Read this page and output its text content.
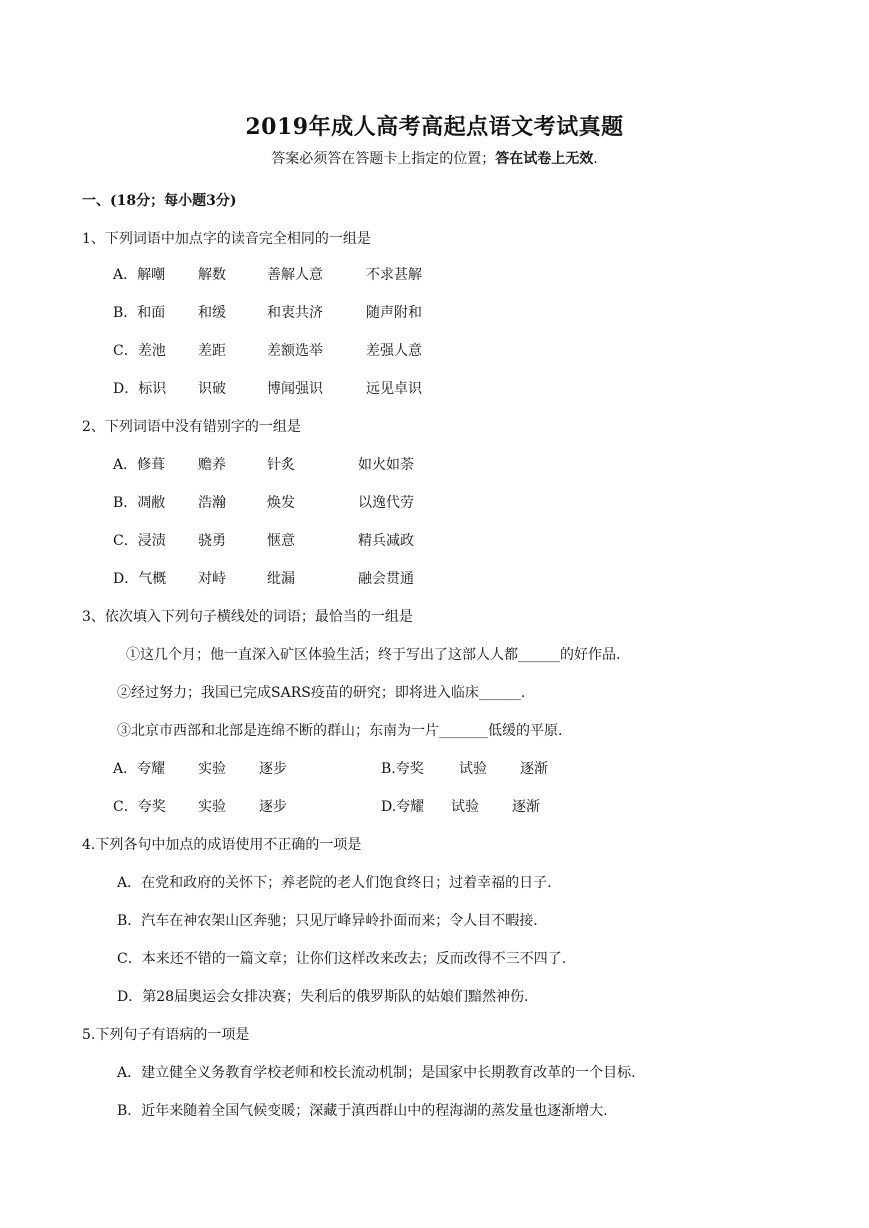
2019年成人高考高起点语文考试真题
答案必须答在答题卡上指定的位置；答在试卷上无效.
一、(18分；每小题3分)
1、下列词语中加点字的读音完全相同的一组是
A．解嘲 解数	善解人意	不求甚解
B．和面 和缓	和衷共济	随声附和
C．差池 差距	差额选举	差强人意
D．标识 识破	博闻强识	远见卓识
2、下列词语中没有错别字的一组是
A．修葺 赡养	针炙	如火如荼
B．凋敝 浩瀚	焕发	以逸代劳
C．浸渍 骁勇	惬意	精兵减政
D．气概 对峙	纰漏	融会贯通
3、依次填入下列句子横线处的词语；最恰当的一组是
①这几个月；他一直深入矿区体验生活；终于写出了这部人人都______的好作品.
②经过努力；我国已完成SARS疫苗的研究；即将进入临床______.
③北京市西部和北部是连绵不断的群山；东南为一片_______低缓的平原.
A．夸耀 实验 逐步	B.夸奖	试验 逐渐
C．夸奖 实验 逐步	D.夸耀 试验 逐渐
4.下列各句中加点的成语使用不正确的一项是
A．在党和政府的关怀下；养老院的老人们饱食终日；过着幸福的日子.
B．汽车在神农架山区奔驰；只见厅峰异岭扑面而来；令人目不暇接.
C．本来还不错的一篇文章；让你们这样改来改去；反而改得不三不四了.
D．第28届奥运会女排决赛；失利后的俄罗斯队的姑娘们黯然神伤.
5.下列句子有语病的一项是
A．建立健全义务教育学校老师和校长流动机制；是国家中长期教育改革的一个目标.
B．近年来随着全国气候变暖；深藏于滇西群山中的程海湖的蒸发量也逐渐增大.
